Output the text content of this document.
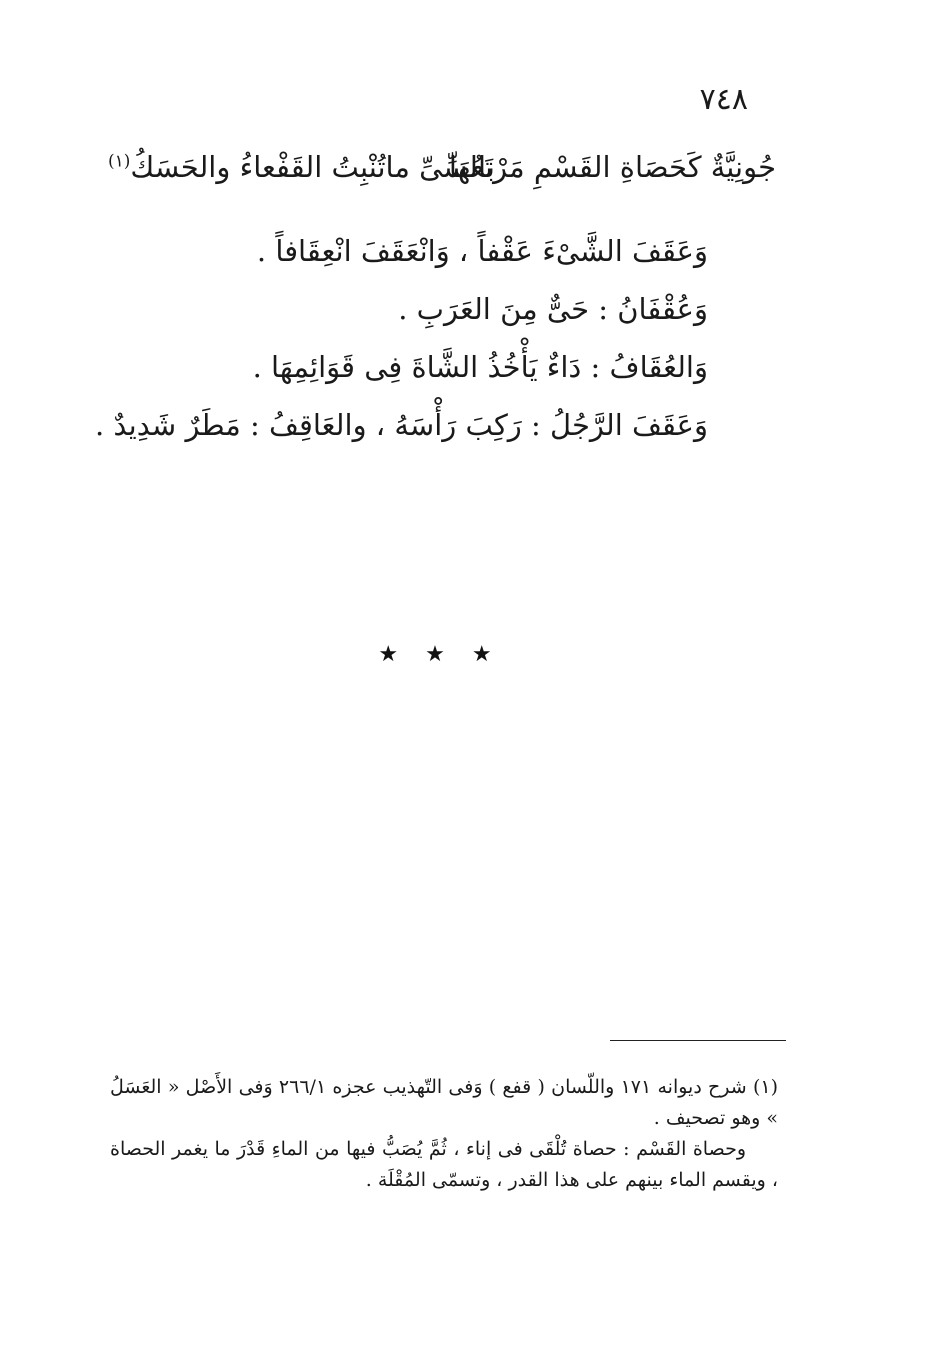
٧٤٨
جُونِيَّةٌ كَحَصَاةِ القَسْمِ مَرْتَعُهَا
بالسِّىِّ ماتُنْبِتُ القَفْعاءُ والحَسَكُ$^{(١)}$
وَعَقَفَ الشَّىْءَ عَقْفاً ، وَانْعَقَفَ انْعِقَافاً .
وَعُقْفَانُ : حَىٌّ مِنَ العَرَبِ .
وَالعُقَافُ : دَاءٌ يَأْخُذُ الشَّاةَ فِى قَوَائِمِهَا .
وَعَقَفَ الرَّجُلُ : رَكِبَ رَأْسَهُ ، والعَاقِفُ : مَطَرٌ شَدِيدٌ .
★ ★ ★

(١) شرح ديوانه ١٧١ واللّسان ( قفع ) وَفى التّهذيب عجزه ٢٦٦/١ وَفى الأَصْل « العَسَلُ » وهو تصحيف .

وحصاة القَسْم : حصاة تُلْقَى فى إناء ، ثُمَّ يُصَبُّ فيها من الماءِ قَدْرَ ما يغمر الحصاة ، ويقسم الماء بينهم على هذا القدر ، وتسمّى المُقْلَة .
